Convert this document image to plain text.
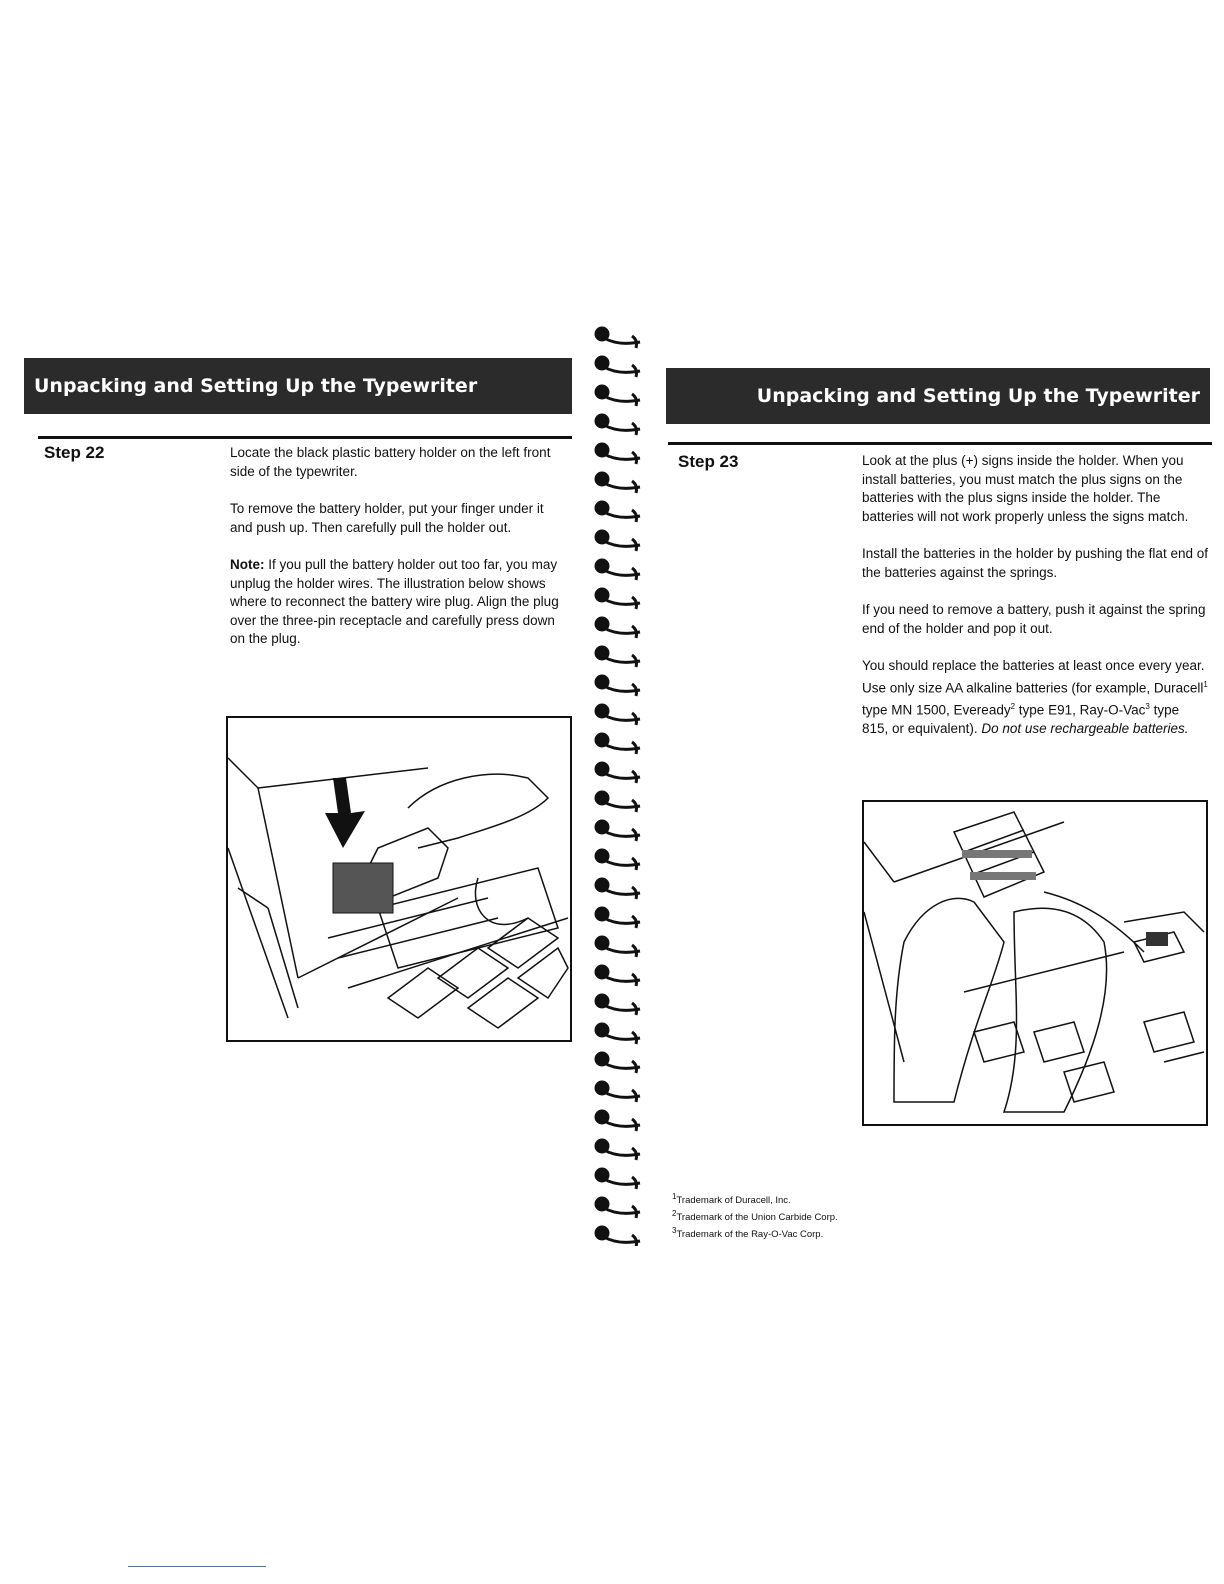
Unpacking and Setting Up the Typewriter
Step 22	Locate the black plastic battery holder on the left front side of the typewriter.

To remove the battery holder, put your finger under it and push up. Then carefully pull the holder out.

Note: If you pull the battery holder out too far, you may unplug the holder wires. The illustration below shows where to reconnect the battery wire plug. Align the plug over the three-pin receptacle and carefully press down on the plug.

Unpacking and Setting Up the Typewriter
Step 23	Look at the plus (+) signs inside the holder. When you install batteries, you must match the plus signs on the batteries with the plus signs inside the holder. The batteries will not work properly unless the signs match.

Install the batteries in the holder by pushing the flat end of the batteries against the springs.

If you need to remove a battery, push it against the spring end of the holder and pop it out.

You should replace the batteries at least once every year. Use only size AA alkaline batteries (for example, Duracell$^1$ type MN 1500, Eveready$^2$ type E91, Ray-O-Vac$^3$ type 815, or equivalent). Do not use rechargeable batteries.

$^1$Trademark of Duracell, Inc.
$^2$Trademark of the Union Carbide Corp.
$^3$Trademark of the Ray-O-Vac Corp.
